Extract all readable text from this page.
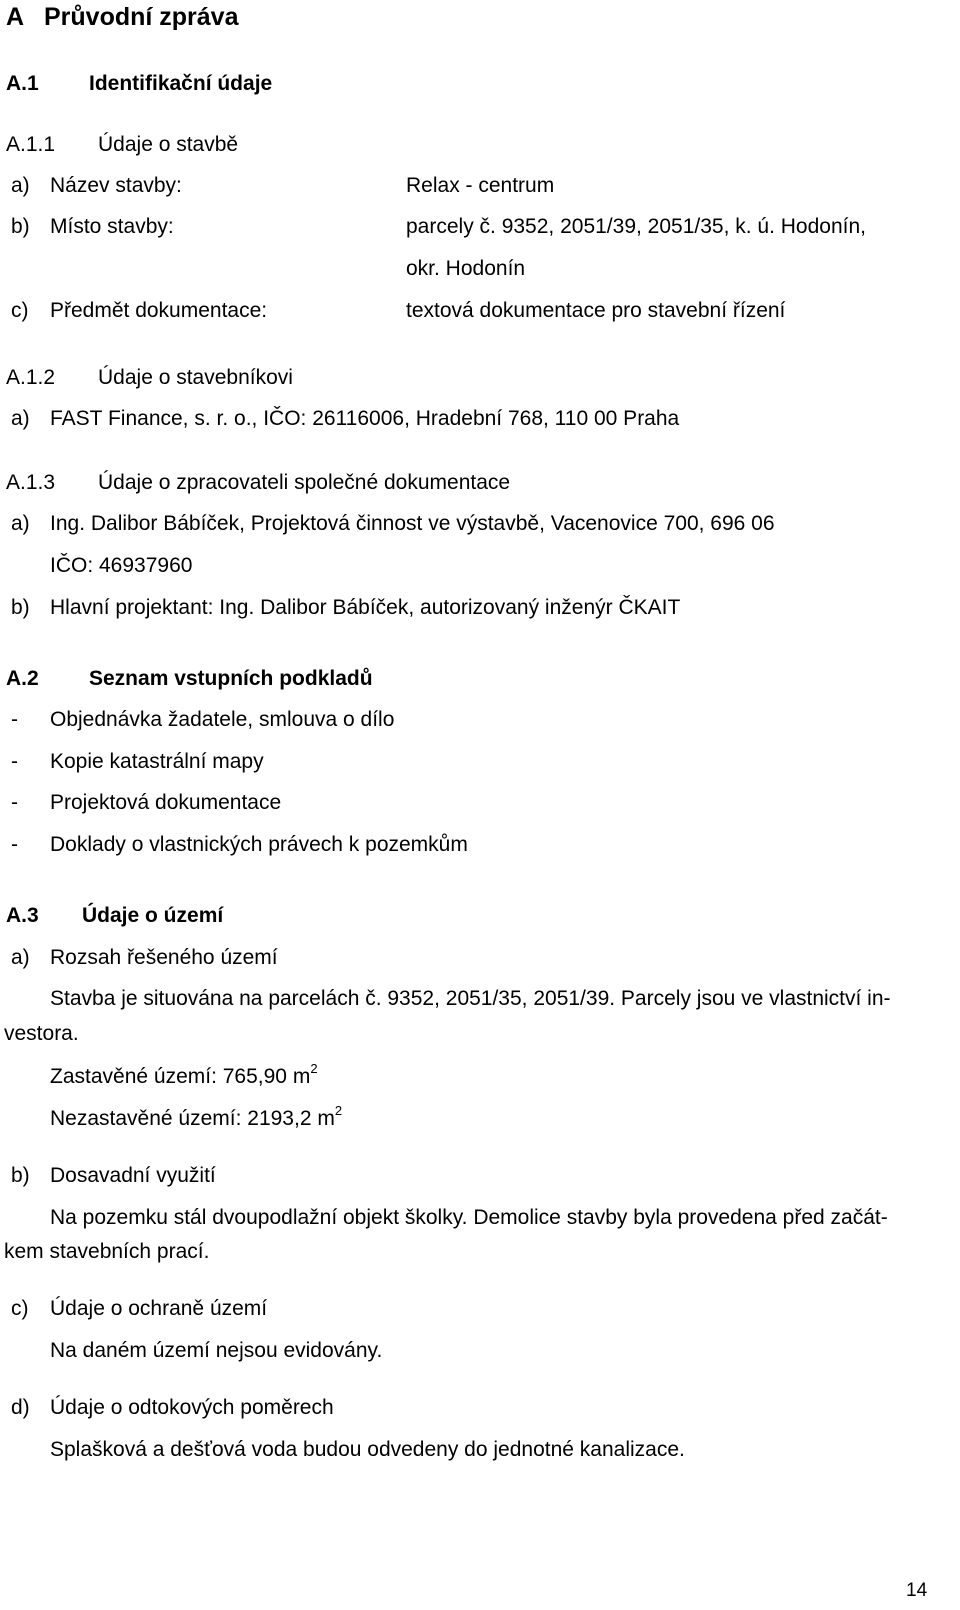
A Průvodní zpráva
A.1 Identifikační údaje
A.1.1 Údaje o stavbě
a) Název stavby:	Relax - centrum
b) Místo stavby:	parcely č. 9352, 2051/39, 2051/35, k. ú. Hodonín,
okr. Hodonín
c) Předmět dokumentace:	textová dokumentace pro stavební řízení
A.1.2 Údaje o stavebníkovi
a) FAST Finance, s. r. o., IČO: 26116006, Hradební 768, 110 00 Praha
A.1.3 Údaje o zpracovateli společné dokumentace
a) Ing. Dalibor Bábíček, Projektová činnost ve výstavbě, Vacenovice 700, 696 06
IČO: 46937960
b) Hlavní projektant: Ing. Dalibor Bábíček, autorizovaný inženýr ČKAIT
A.2 Seznam vstupních podkladů
- Objednávka žadatele, smlouva o dílo
- Kopie katastrální mapy
- Projektová dokumentace
- Doklady o vlastnických právech k pozemkům
A.3 Údaje o území
a) Rozsah řešeného území
Stavba je situována na parcelách č. 9352, 2051/35, 2051/39. Parcely jsou ve vlastnictví in-
vestora.
Zastavěné území: 765,90 $m^2$
Nezastavěné území: 2193,2 $m^2$
b) Dosavadní využití
Na pozemku stál dvoupodlažní objekt školky. Demolice stavby byla provedena před začát-
kem stavebních prací.
c) Údaje o ochraně území
Na daném území nejsou evidovány.
d) Údaje o odtokových poměrech
Splašková a dešťová voda budou odvedeny do jednotné kanalizace.
14
